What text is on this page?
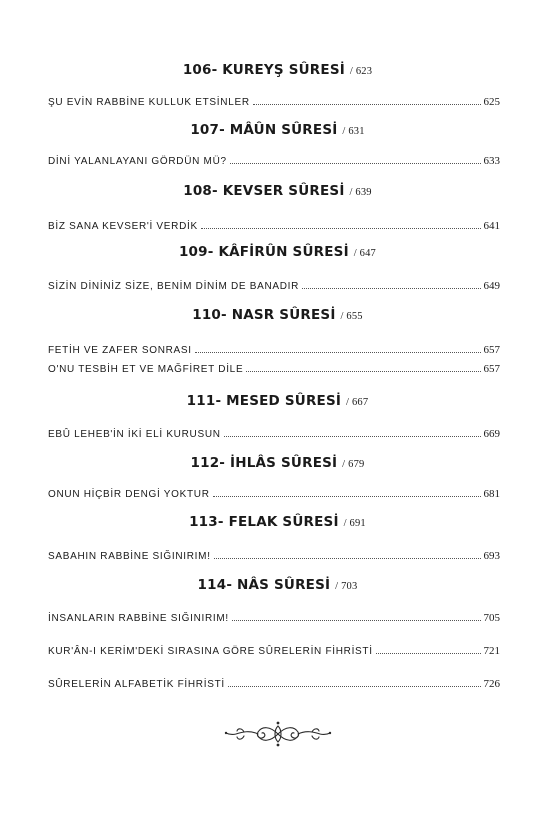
106- KUREYŞ SÛRESİ / 623
ŞU EVİN RABBİNE KULLUK ETSİNLER	625
107- MÂÛN SÛRESİ / 631
DİNİ YALANLAYANI GÖRDÜN MÜ?	633
108- KEVSER SÛRESİ / 639
BİZ SANA KEVSER'İ VERDİK	641
109- KÂFİRÛN SÛRESİ / 647
SİZİN DİNİNİZ SİZE, BENİM DİNİM DE BANADIR	649
110- NASR SÛRESİ / 655
FETİH VE ZAFER SONRASI	657
O'NU TESBİH ET VE MAĞFİRET DİLE	657
111- MESED SÛRESİ / 667
EBÛ LEHEB'İN İKİ ELİ KURUSUN	669
112- İHLÂS SÛRESİ / 679
ONUN HİÇBİR DENGİ YOKTUR	681
113- FELAK SÛRESİ / 691
SABAHIN RABBİNE SIĞINIRIM!	693
114- NÂS SÛRESİ / 703
İNSANLARIN RABBİNE SIĞINIRIM!	705
KUR'ÂN-I KERİM'DEKİ SIRASINA GÖRE SÛRELERİN FİHRİSTİ	721
SÛRELERİN ALFABETİK FİHRİSTİ	726
